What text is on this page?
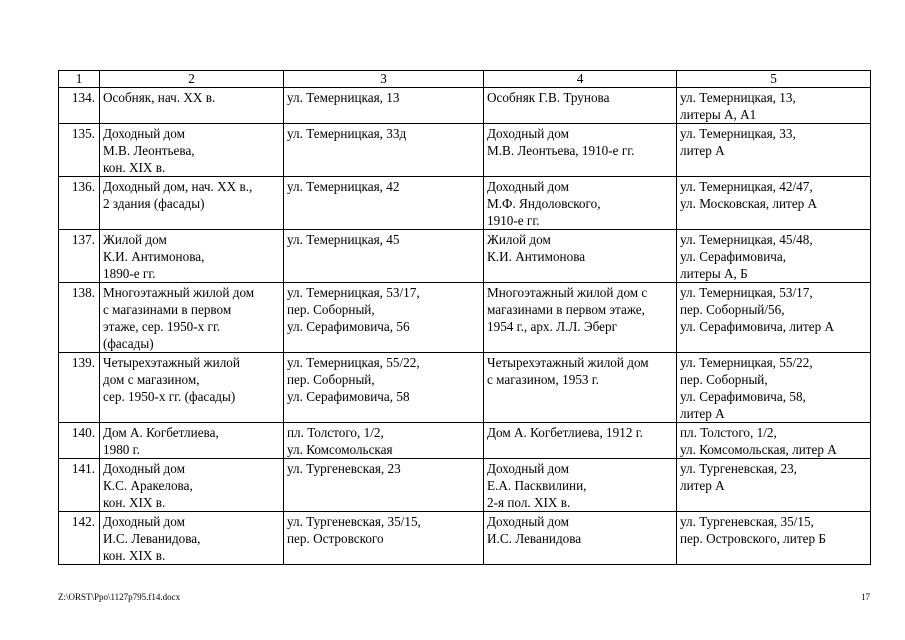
1	2	3	4	5
134.	Особняк, нач. XX в.	ул. Темерницкая, 13	Особняк Г.В. Трунова	ул. Темерницкая, 13,
литеры А, А1
135.	Доходный дом
М.В. Леонтьева,
кон. XIX в.	ул. Темерницкая, 33д	Доходный дом
М.В. Леонтьева, 1910-е гг.	ул. Темерницкая, 33,
литер А
136.	Доходный дом, нач. XX в.,
2 здания (фасады)	ул. Темерницкая, 42	Доходный дом
М.Ф. Яндоловского,
1910-е гг.	ул. Темерницкая, 42/47,
ул. Московская, литер А
137.	Жилой дом
К.И. Антимонова,
1890-е гг.	ул. Темерницкая, 45	Жилой дом
К.И. Антимонова	ул. Темерницкая, 45/48,
ул. Серафимовича,
литеры А, Б
138.	Многоэтажный жилой дом
с магазинами в первом
этаже, сер. 1950-х гг.
(фасады)	ул. Темерницкая, 53/17,
пер. Соборный,
ул. Серафимовича, 56	Многоэтажный жилой дом с
магазинами в первом этаже,
1954 г., арх. Л.Л. Эберг	ул. Темерницкая, 53/17,
пер. Соборный/56,
ул. Серафимовича, литер А
139.	Четырехэтажный жилой
дом с магазином,
сер. 1950-х гг. (фасады)	ул. Темерницкая, 55/22,
пер. Соборный,
ул. Серафимовича, 58	Четырехэтажный жилой дом
с магазином, 1953 г.	ул. Темерницкая, 55/22,
пер. Соборный,
ул. Серафимовича, 58,
литер А
140.	Дом А. Когбетлиева,
1980 г.	пл. Толстого, 1/2,
ул. Комсомольская	Дом А. Когбетлиева, 1912 г.	пл. Толстого, 1/2,
ул. Комсомольская, литер А
141.	Доходный дом
К.С. Аракелова,
кон. XIX в.	ул. Тургеневская, 23	Доходный дом
Е.А. Пасквилини,
2-я пол. XIX в.	ул. Тургеневская, 23,
литер А
142.	Доходный дом
И.С. Леванидова,
кон. XIX в.	ул. Тургеневская, 35/15,
пер. Островского	Доходный дом
И.С. Леванидова	ул. Тургеневская, 35/15,
пер. Островского, литер Б
Z:\ORST\Ppo\1127p795.f14.docx	17
